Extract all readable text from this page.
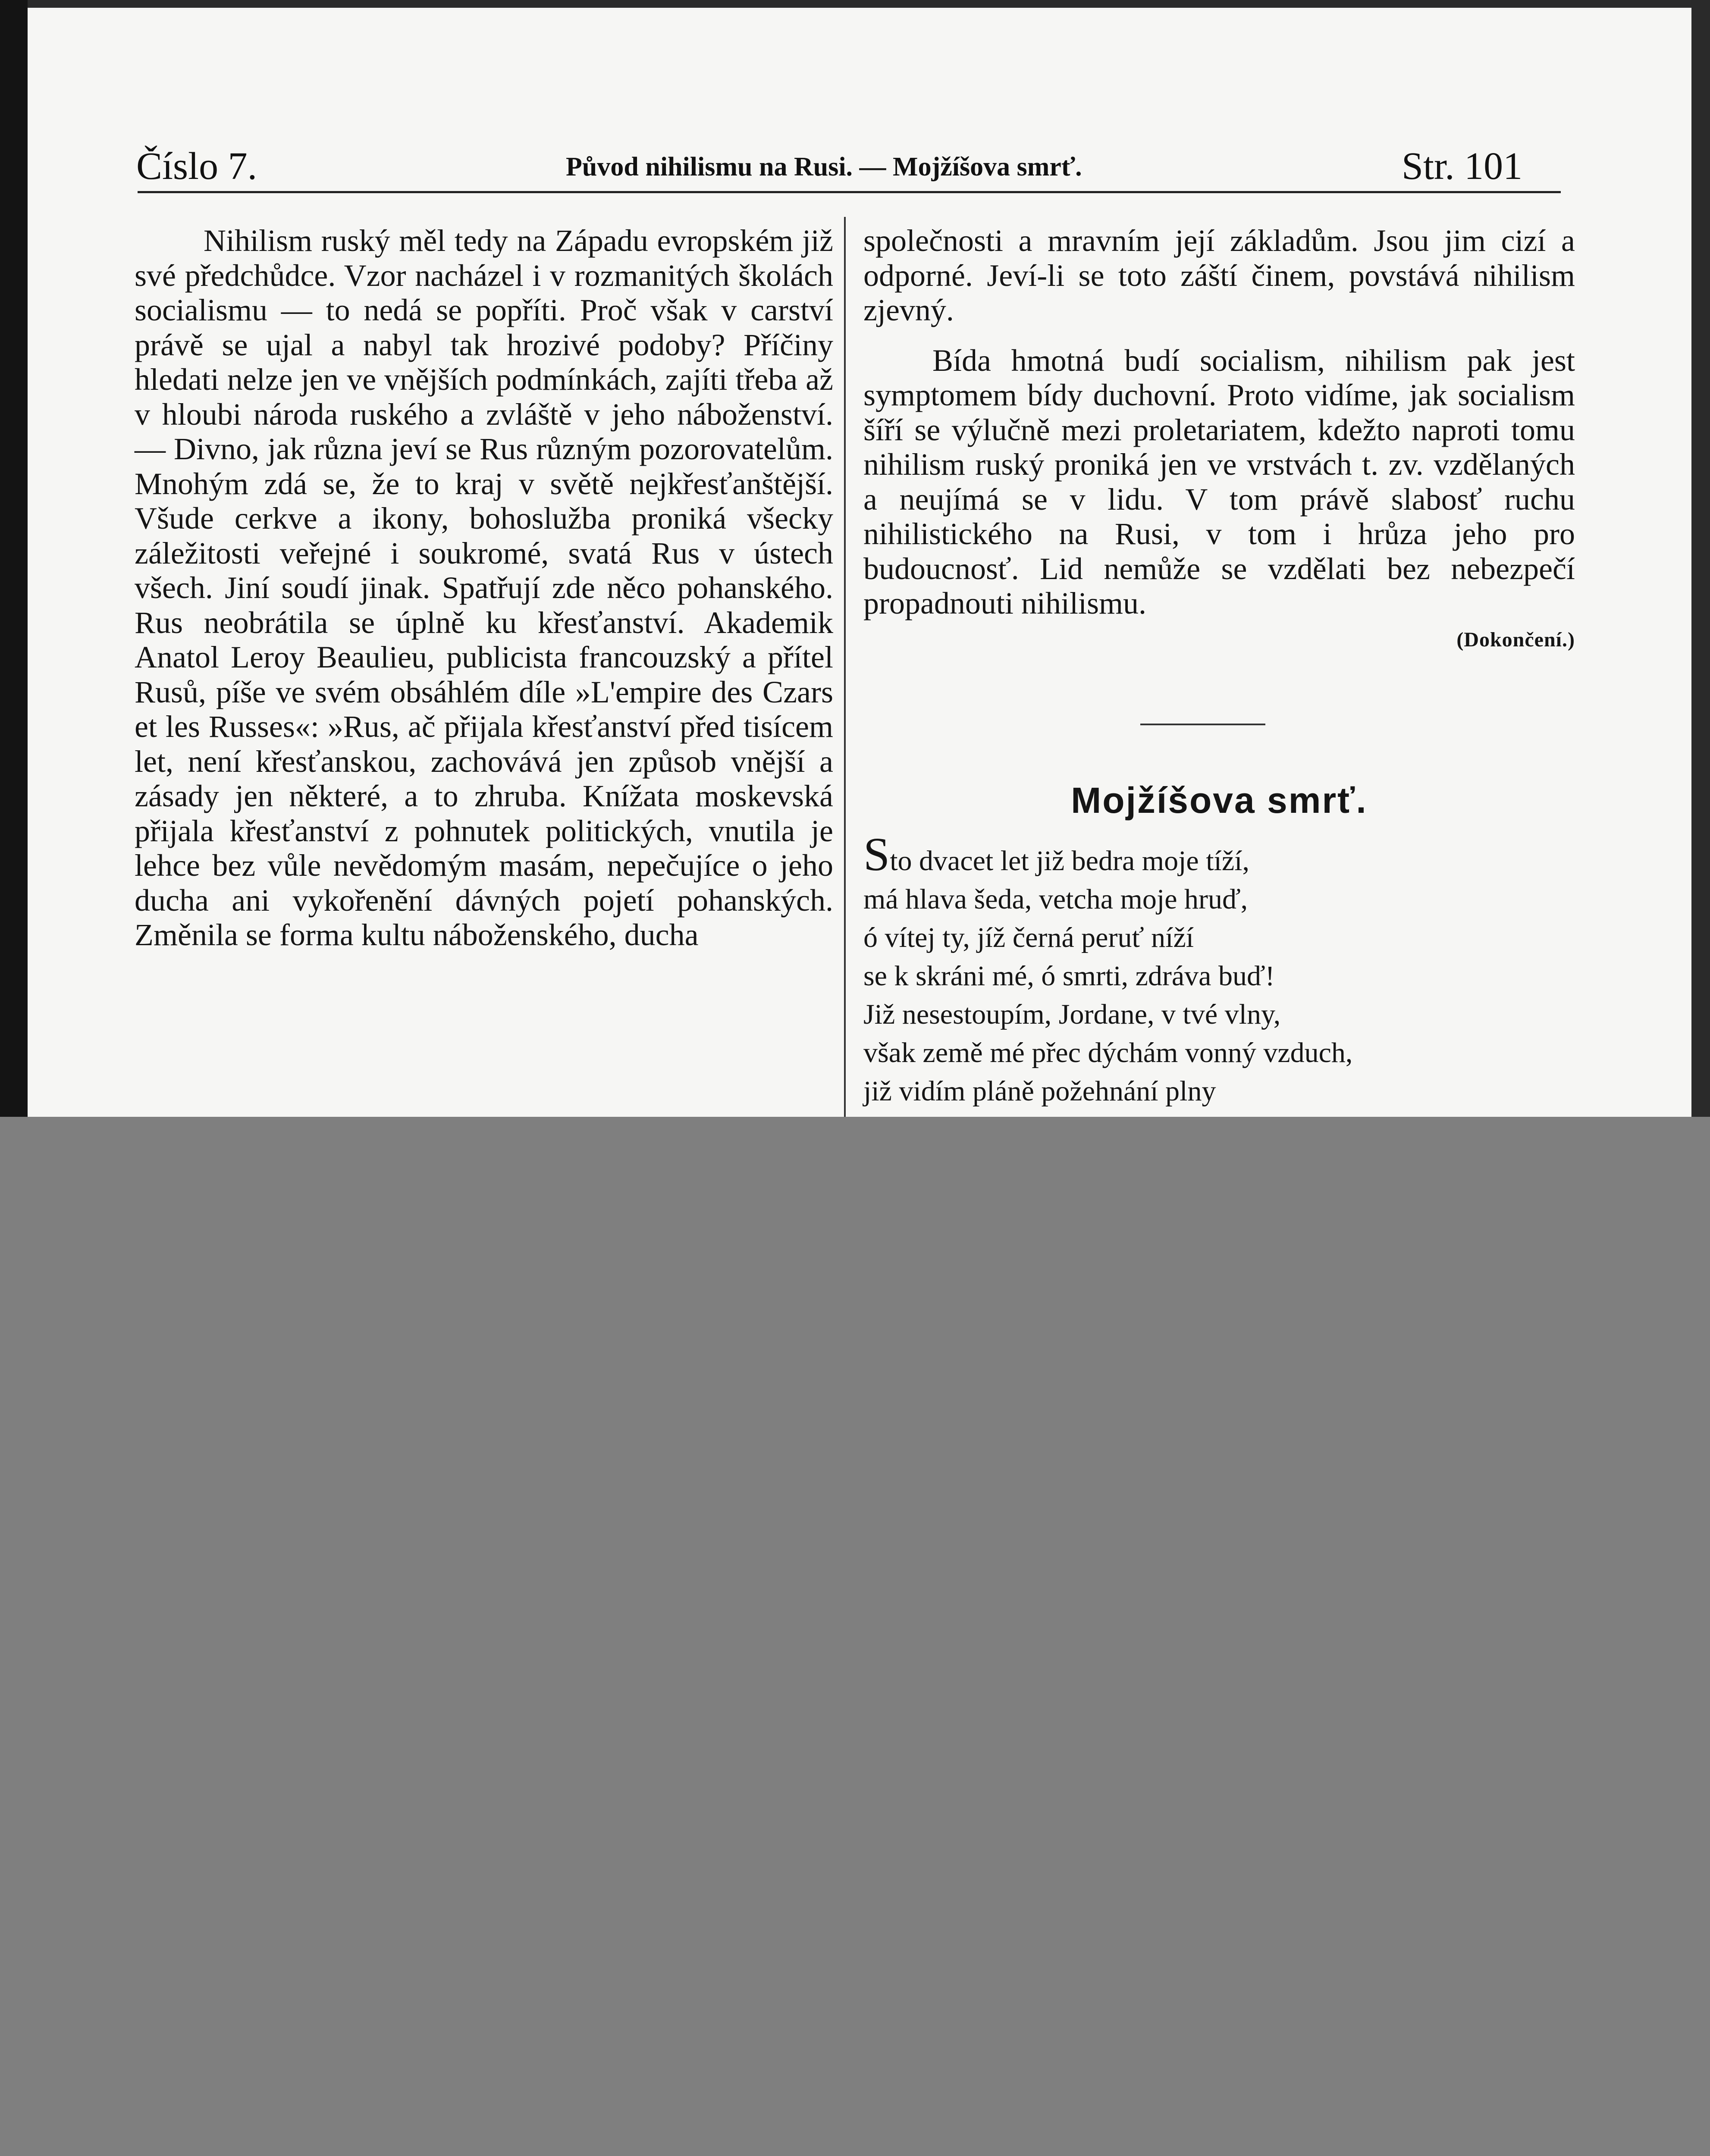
Číslo 7.	Původ nihilismu na Rusi. — Mojžíšova smrť.	Str. 101

Nihilism ruský měl tedy na Západu evropském již své předchůdce. Vzor nacházel i v rozmanitých školách socialismu — to nedá se popříti. Proč však v carství právě se ujal a nabyl tak hrozivé podoby? Příčiny hledati nelze jen ve vnějších podmínkách, zajíti třeba až v hloubi národa ruského a zvláště v jeho náboženství. — Divno, jak různa jeví se Rus různým pozorovatelům. Mnohým zdá se, že to kraj v světě nejkřesťanštější. Všude cerkve a ikony, bohoslužba proniká všecky záležitosti veřejné i soukromé, svatá Rus v ústech všech. Jiní soudí jinak. Spatřují zde něco pohanského. Rus neobrátila se úplně ku křesťanství. Akademik Anatol Leroy Beaulieu, publicista francouzský a přítel Rusů, píše ve svém obsáhlém díle »L'empire des Czars et les Russes«: »Rus, ač přijala křesťanství před tisícem let, není křesťanskou, zachovává jen způsob vnější a zásady jen některé, a to zhruba. Knížata moskevská přijala křesťanství z pohnutek politických, vnutila je lehce bez vůle nevědomým masám, nepečujíce o jeho ducha ani vykořenění dávných pojetí pohanských. Změnila se forma kultu náboženského, ducha

společnosti a mravním její základům. Jsou jim cizí a odporné. Jeví-li se toto záští činem, povstává nihilism zjevný.

Bída hmotná budí socialism, nihilism pak jest symptomem bídy duchovní. Proto vidíme, jak socialism šíří se výlučně mezi proletariatem, kdežto naproti tomu nihilism ruský proniká jen ve vrstvách t. zv. vzdělaných a neujímá se v lidu. V tom právě slabosť ruchu nihilistického na Rusi, v tom i hrůza jeho pro budoucnosť. Lid nemůže se vzdělati bez nebezpečí propadnouti nihilismu.

(Dokončení.)
Mojžíšova smrť.
Sto dvacet let již bedra moje tíží,
má hlava šeda, vetcha moje hruď,
ó vítej ty, jíž černá peruť níží
se k skráni mé, ó smrti, zdráva buď!
Již nesestoupím, Jordane, v tvé vlny,
však země mé přec dýchám vonný vzduch,
již vidím pláně požehnání plny
